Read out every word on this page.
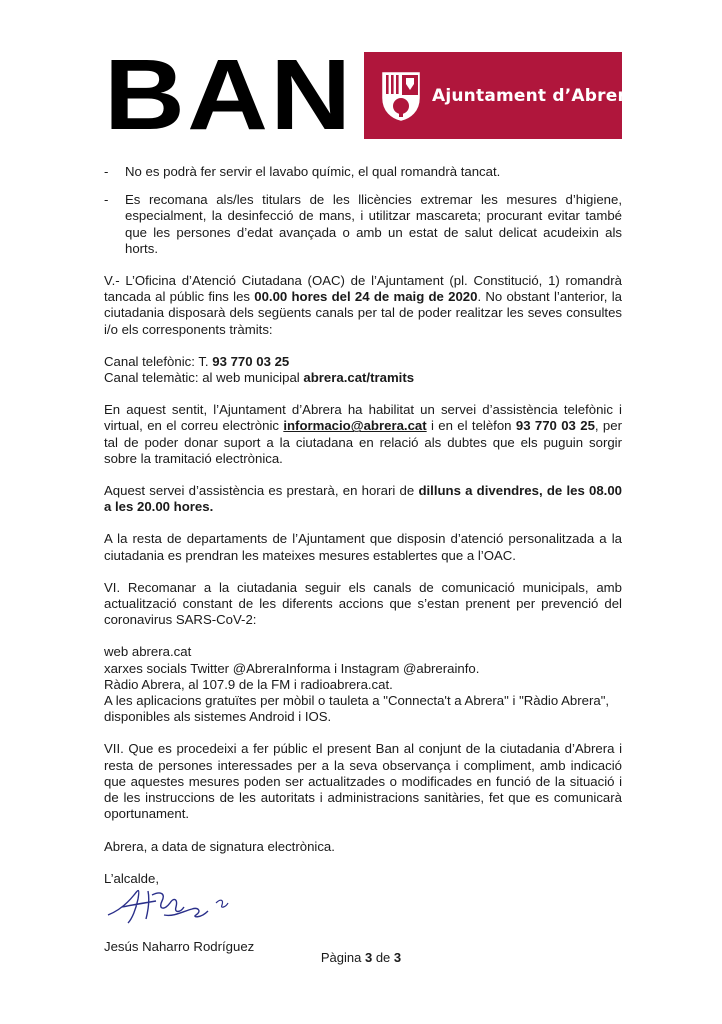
BAN	Ajuntament d’Abrera
- No es podrà fer servir el lavabo químic, el qual romandrà tancat.

- Es recomana als/les titulars de les llicències extremar les mesures d’higiene, especialment, la desinfecció de mans, i utilitzar mascareta; procurant evitar també que les persones d’edat avançada o amb un estat de salut delicat acudeixin als horts.

V.- L’Oficina d’Atenció Ciutadana (OAC) de l’Ajuntament (pl. Constitució, 1) romandrà tancada al públic fins les 00.00 hores del 24 de maig de 2020. No obstant l’anterior, la ciutadania disposarà dels següents canals per tal de poder realitzar les seves consultes i/o els corresponents tràmits:

Canal telefònic: T. 93 770 03 25

Canal telemàtic: al web municipal abrera.cat/tramits

En aquest sentit, l’Ajuntament d’Abrera ha habilitat un servei d’assistència telefònic i virtual, en el correu electrònic informacio@abrera.cat i en el telèfon 93 770 03 25, per tal de poder donar suport a la ciutadana en relació als dubtes que els puguin sorgir sobre la tramitació electrònica.

Aquest servei d’assistència es prestarà, en horari de dilluns a divendres, de les 08.00 a les 20.00 hores.

A la resta de departaments de l’Ajuntament que disposin d’atenció personalitzada a la ciutadania es prendran les mateixes mesures establertes que a l’OAC.

VI. Recomanar a la ciutadania seguir els canals de comunicació municipals, amb actualització constant de les diferents accions que s’estan prenent per prevenció del coronavirus SARS-CoV-2:

web abrera.cat

xarxes socials Twitter @AbreraInforma i Instagram @abrerainfo.

Ràdio Abrera, al 107.9 de la FM i radioabrera.cat.

A les aplicacions gratuïtes per mòbil o tauleta a "Connecta't a Abrera" i "Ràdio Abrera", disponibles als sistemes Android i IOS.

VII. Que es procedeixi a fer públic el present Ban al conjunt de la ciutadania d’Abrera i resta de persones interessades per a la seva observança i compliment, amb indicació que aquestes mesures poden ser actualitzades o modificades en funció de la situació i de les instruccions de les autoritats i administracions sanitàries, fet que es comunicarà oportunament.

Abrera, a data de signatura electrònica.

L’alcalde,

Jesús Naharro Rodríguez

Pàgina 3 de 3
